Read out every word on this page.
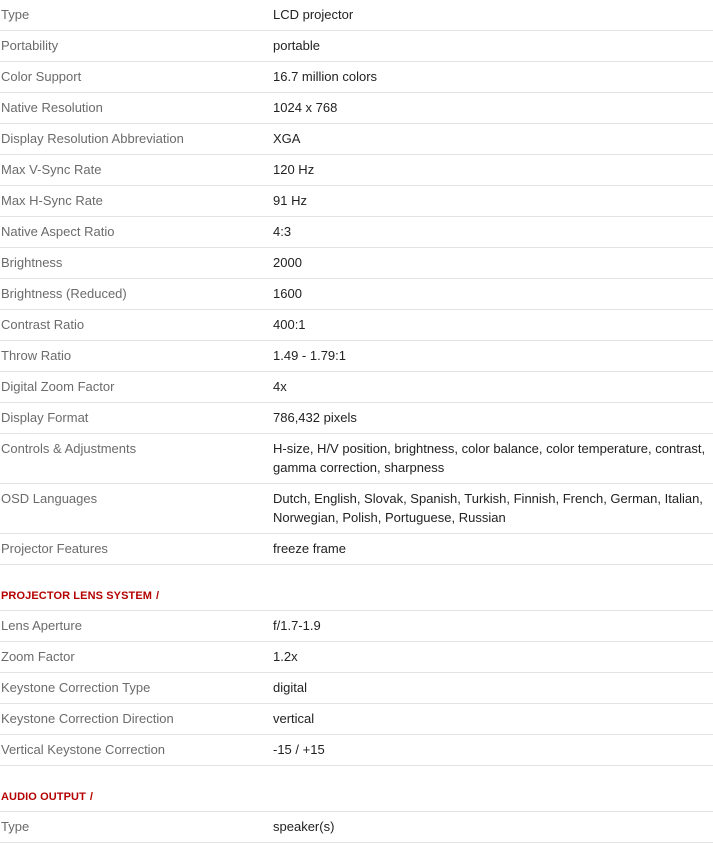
Type	LCD projector
Portability	portable
Color Support	16.7 million colors
Native Resolution	1024 x 768
Display Resolution Abbreviation	XGA
Max V-Sync Rate	120 Hz
Max H-Sync Rate	91 Hz
Native Aspect Ratio	4:3
Brightness	2000
Brightness (Reduced)	1600
Contrast Ratio	400:1
Throw Ratio	1.49 - 1.79:1
Digital Zoom Factor	4x
Display Format	786,432 pixels
Controls & Adjustments	H-size, H/V position, brightness, color balance, color temperature, contrast, gamma correction, sharpness
OSD Languages	Dutch, English, Slovak, Spanish, Turkish, Finnish, French, German, Italian, Norwegian, Polish, Portuguese, Russian
Projector Features	freeze frame
PROJECTOR LENS SYSTEM /
Lens Aperture	f/1.7-1.9
Zoom Factor	1.2x
Keystone Correction Type	digital
Keystone Correction Direction	vertical
Vertical Keystone Correction	-15 / +15
AUDIO OUTPUT /
Type	speaker(s)
